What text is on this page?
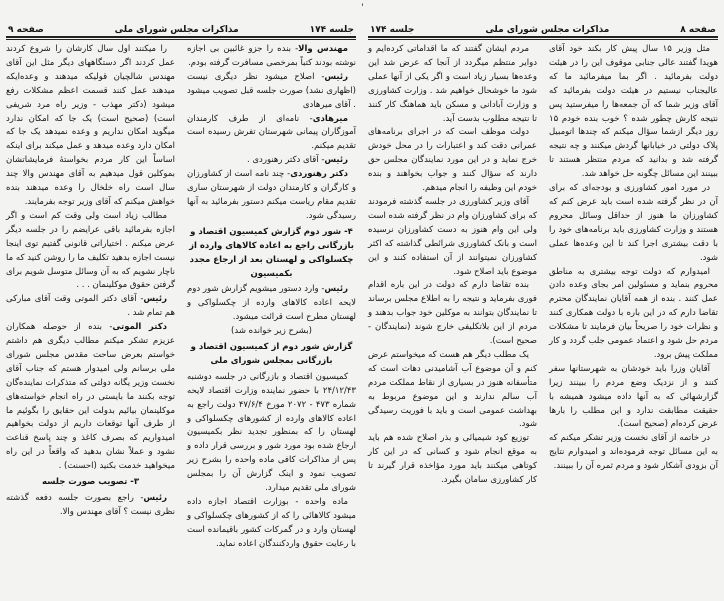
ˈ
صفحه ۸
مذاکرات مجلس شورای ملی
جلسه ۱۷۴

مثل وزیر ۱۵ سال پیش کار بکند خود آقای هویدا گفتند عالی جنابی موقوف این را در هیئت دولت بفرمائید . اگر بما میفرمائید ما که عالیجناب نیستیم در هیئت دولت بفرمائید که آقای وزیر شما که آن جمعه‌ها را میفرستید پس نتیجه کارش چطور شده ؟ خوب بنده خودم ۱۵ روز دیگر ازشما سؤال میکنم که چندها اتومبیل پلاک دولتی در خیابانها گردش میکنند و چه نتیجه گرفته شد و بدانید که مردم منتظر هستند تا ببینند این مسائل چگونه حل خواهد شد.

در مورد امور کشاورزی و بودجه‌ای که برای آن در نظر گرفته شده است باید عرض کنم که کشاورزان ما هنوز از حداقل وسائل محروم هستند و وزارت کشاورزی باید برنامه‌های خود را با دقت بیشتری اجرا کند تا این وعده‌ها عملی شود.

امیدوارم که دولت توجه بیشتری به مناطق محروم بنماید و مسئولین امر بجای وعده دادن عمل کنند . بنده از همه آقایان نمایندگان محترم تقاضا دارم که در این باره با دولت همکاری کنند و نظرات خود را صریحاً بیان فرمایند تا مشکلات مردم حل شود و اعتماد عمومی جلب گردد و کار مملکت پیش برود.

آقایان وزرا باید خودشان به شهرستانها سفر کنند و از نزدیک وضع مردم را ببینند زیرا گزارشهائی که به آنها داده میشود همیشه با حقیقت مطابقت ندارد و این مطلب را بارها عرض کرده‌ام (صحیح است).

در خاتمه از آقای نخست وزیر تشکر میکنم که به این مسائل توجه فرموده‌اند و امیدوارم نتایج آن بزودی آشکار شود و مردم ثمره آن را ببینند.

مردم ایشان گفتند که ما اقداماتی کرده‌ایم و دوایر منتظم میگردد از آنجا که عرض شد این وعده‌ها بسیار زیاد است و اگر یکی از آنها عملی شود ما خوشحال خواهیم شد . وزارت کشاورزی و وزارت آبادانی و مسکن باید هماهنگ کار کنند تا نتیجه مطلوب بدست آید.

دولت موظف است که در اجرای برنامه‌های عمرانی دقت کند و اعتبارات را در محل خودش خرج نماید و در این مورد نمایندگان مجلس حق دارند که سؤال کنند و جواب بخواهند و بنده خودم این وظیفه را انجام میدهم.

آقای وزیر کشاورزی در جلسه گذشته فرمودند که برای کشاورزان وام در نظر گرفته شده است ولی این وام هنوز به دست کشاورزان نرسیده است و بانک کشاورزی شرائطی گذاشته که اکثر کشاورزان نمیتوانند از آن استفاده کنند و این موضوع باید اصلاح شود.

بنده تقاضا دارم که دولت در این باره اقدام فوری بفرماید و نتیجه را به اطلاع مجلس برساند تا نمایندگان بتوانند به موکلین خود جواب بدهند و مردم از این بلاتکلیفی خارج شوند (نمایندگان - صحیح است).

یک مطلب دیگر هم هست که میخواستم عرض کنم و آن موضوع آب آشامیدنی دهات است که متأسفانه هنوز در بسیاری از نقاط مملکت مردم آب سالم ندارند و این موضوع مربوط به بهداشت عمومی است و باید با فوریت رسیدگی شود.

توزیع کود شیمیائی و بذر اصلاح شده هم باید به موقع انجام شود و کسانی که در این کار کوتاهی میکنند باید مورد مؤاخذه قرار گیرند تا کار کشاورزی سامان بگیرد.

جلسه ۱۷۴
مذاکرات مجلس شورای ملی
صفحه ۹

مهندس والا- بنده را جزو غائبین بی اجازه نوشته بودند کتباً بمرخصی مسافرت گرفته بودم.

رئیس- اصلاح میشود نظر دیگری نیست (اظهاری نشد) صورت جلسه قبل تصویب میشود . آقای میرهادی

میرهادی- نامه‌ای از طرف کارمندان آموزگاران پیمانی شهرستان تفرش رسیده است تقدیم میکنم.

رئیس- آقای دکتر رهنوردی .

دکتر رهنوردی- چند نامه است از کشاورزان و کارگران و کارمندان دولت از شهرستان ساری تقدیم مقام ریاست میکنم دستور بفرمائید به آنها رسیدگی شود.

۴- شور دوم گزارش کمیسیون اقتصاد و بازرگانی راجع به اعاده کالاهای وارده از چکسلواکی و لهستان بعد از ارجاع مجدد بکمیسیون

رئیس- وارد دستور میشویم گزارش شور دوم لایحه اعاده کالاهای وارده از چکسلواکی و لهستان مطرح است قرائت میشود.

(بشرح زیر خوانده شد)

گزارش شور دوم از کمیسیون اقتصاد و بازرگانی بمجلس شورای ملی

کمیسیون اقتصاد و بازرگانی در جلسه دوشنبه ۲۴/۱۲/۴۳ با حضور نماینده وزارت اقتصاد لایحه شماره ۴۷۳ - ۲۰۷۲ مورخ ۴۷/۶/۴ دولت راجع به اعاده کالاهای وارده از کشورهای چکسلواکی و لهستان را که بمنظور تجدید نظر بکمیسیون ارجاع شده بود مورد شور و بررسی قرار داده و پس از مذاکرات کافی ماده واحده را بشرح زیر تصویب نمود و اینک گزارش آن را بمجلس شورای ملی تقدیم میدارد.

ماده واحده - بوزارت اقتصاد اجازه داده میشود کالاهائی را که از کشورهای چکسلواکی و لهستان وارد و در گمرکات کشور باقیمانده است با رعایت حقوق واردکنندگان اعاده نماید.

را میکنند اول سال کارشان را شروع کردند عمل کردند اگر دستگاههای دیگر مثل این آقای مهندس شالچیان قولیکه میدهند و وعده‌ایکه میدهند عمل کنند قسمت اعظم مشکلات رفع میشود (دکتر مهذب - وزیر راه مرد شریفی است) (صحیح است) یک جا که امکان ندارد میگوید امکان نداریم و وعده نمیدهد یک جا که امکان دارد وعده میدهد و عمل میکند برای اینکه اساساً این کار مردم بخواستهٔ فرمایشاتشان بموکلین قول میدهیم به آقای مهندس والا چند سال است راه خلخال را وعده میدهند بنده خواهش میکنم که آقای وزیر توجه بفرمایند.

مطالب زیاد است ولی وقت کم است و اگر اجازه بفرمائید باقی عرایضم را در جلسه دیگر عرض میکنم . اختیاراتی قانونی گفتیم توی اینجا نیست اجازه بدهید تکلیف ما را روشن کنید که ما ناچار نشویم که به آن وسائل متوسل شویم برای گرفتن حقوق موکلینمان . . .

رئیس- آقای دکتر الموتی وقت آقای مبارکی هم تمام شد .

دکتر الموتی- بنده از حوصله همکاران عزیزم تشکر میکنم مطالب دیگری هم داشتم خواستم بعرض ساحت مقدس مجلس شورای ملی برسانم ولی امیدوار هستم که جناب آقای نخست وزیر یگانه دولتی که متذکرات نماینده‌گان توجه بکنند ما بایستی در راه انجام خواسته‌های موکلینمان بیائیم بدولت این حقایق را بگوئیم ما از طرف آنها توقعات داریم از دولت بخواهیم امیدواریم که بصرف کاغذ و چند پاسخ قناعت نشود و عملاً نشان بدهید که واقعاً در این راه میخواهید خدمت بکنید (احسنت) .

۳- تصویب صورت جلسه

رئیس- راجع بصورت جلسه دفعه گذشته نظری نیست ؟ آقای مهندس والا.
